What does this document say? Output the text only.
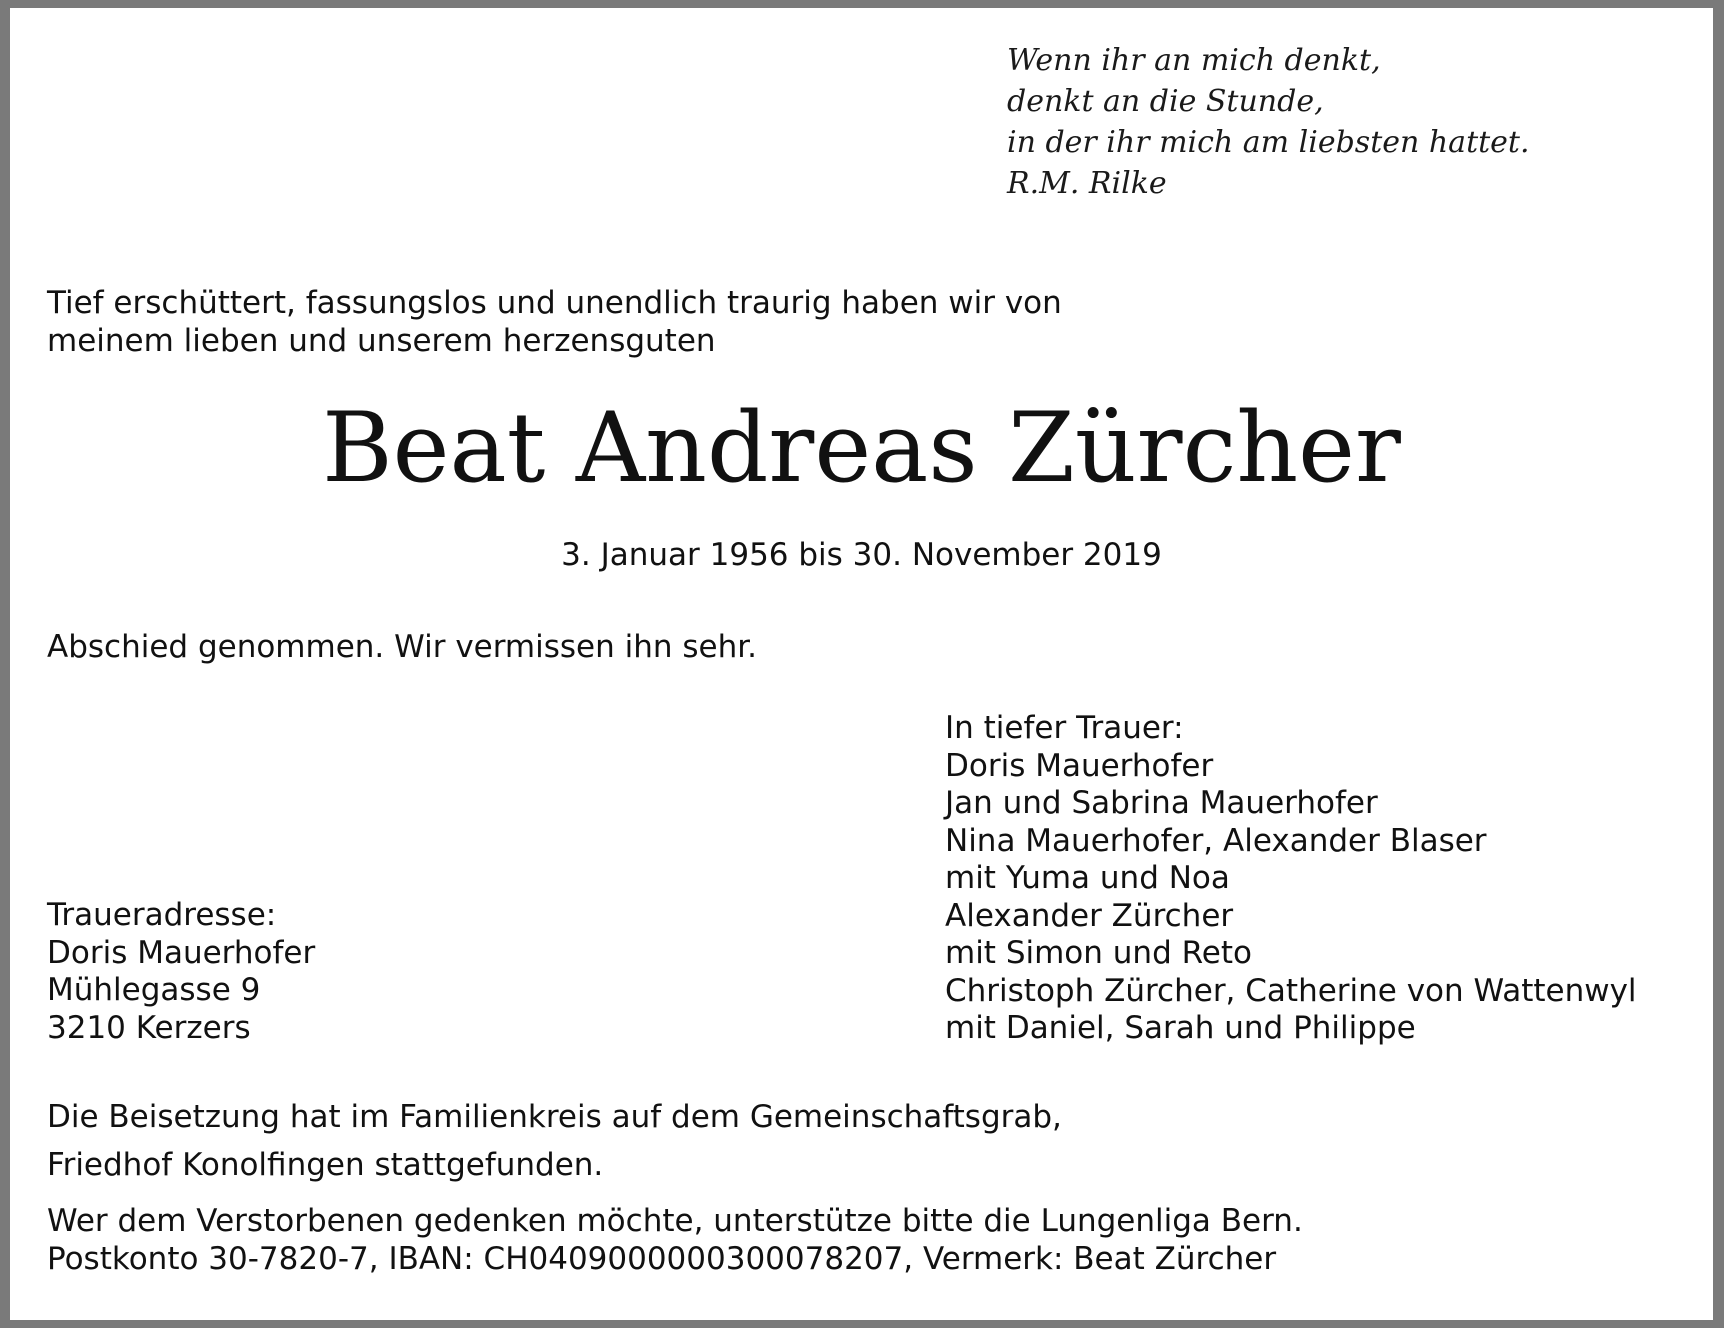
Wenn ihr an mich denkt,
denkt an die Stunde,
in der ihr mich am liebsten hattet.
R.M. Rilke
Tief erschüttert, fassungslos und unendlich traurig haben wir von
meinem lieben und unserem herzensguten
Beat Andreas Zürcher
3. Januar 1956 bis 30. November 2019
Abschied genommen. Wir vermissen ihn sehr.
In tiefer Trauer:
Doris Mauerhofer
Jan und Sabrina Mauerhofer
Nina Mauerhofer, Alexander Blaser
mit Yuma und Noa
Alexander Zürcher
mit Simon und Reto
Christoph Zürcher, Catherine von Wattenwyl
mit Daniel, Sarah und Philippe
Traueradresse:
Doris Mauerhofer
Mühlegasse 9
3210 Kerzers
Die Beisetzung hat im Familienkreis auf dem Gemeinschaftsgrab,
Friedhof Konolfingen stattgefunden.
Wer dem Verstorbenen gedenken möchte, unterstütze bitte die Lungenliga Bern.
Postkonto 30-7820-7, IBAN: CH0409000000300078207, Vermerk: Beat Zürcher
